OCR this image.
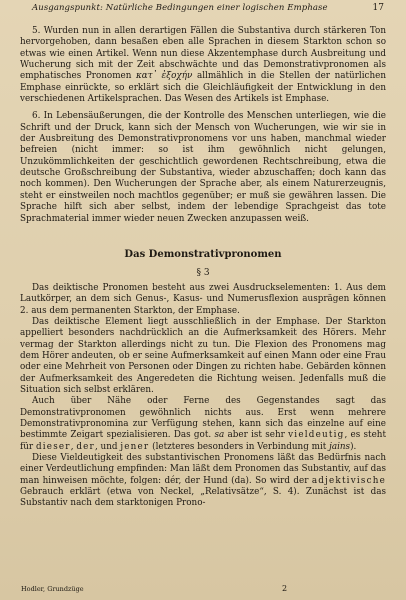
Ausgangspunkt: Natürliche Bedingungen einer logischen Emphase	17

5. Wurden nun in allen derartigen Fällen die Substantiva durch stärkeren Ton hervorgehoben, dann besaßen eben alle Sprachen in diesem Starkton schon so etwas wie einen Artikel. Wenn nun diese Akzentemphase durch Ausbreitung und Wucherung sich mit der Zeit abschwächte und das Demonstrativpronomen als emphatisches Pronomen κατ᾽ ἐξοχήν allmählich in die Stellen der natürlichen Emphase einrückte, so erklärt sich die Gleichläufigkeit der Entwicklung in den verschiedenen Artikelsprachen. Das Wesen des Artikels ist Emphase.

6. In Lebensäußerungen, die der Kontrolle des Menschen unterliegen, wie die Schrift und der Druck, kann sich der Mensch von Wucherungen, wie wir sie in der Ausbreitung des Demonstrativpronomens vor uns haben, manchmal wieder befreien (nicht immer: so ist ihm gewöhnlich nicht gelungen, Unzukömmlichkeiten der geschichtlich gewordenen Rechtschreibung, etwa die deutsche Großschreibung der Substantiva, wieder abzuschaffen; doch kann das noch kommen). Den Wucherungen der Sprache aber, als einem Naturerzeugnis, steht er einstweilen noch machtlos gegenüber; er muß sie gewähren lassen. Die Sprache hilft sich aber selbst, indem der lebendige Sprachgeist das tote Sprachmaterial immer wieder neuen Zwecken anzupassen weiß.

Das Demonstrativpronomen
§ 3

Das deiktische Pronomen besteht aus zwei Ausdruckselementen: 1. Aus dem Lautkörper, an dem sich Genus-, Kasus- und Numerusflexion ausprägen können 2. aus dem permanenten Starkton, der Emphase.

Das deiktische Element liegt ausschließlich in der Emphase. Der Starkton appelliert besonders nachdrücklich an die Aufmerksamkeit des Hörers. Mehr vermag der Starkton allerdings nicht zu tun. Die Flexion des Pronomens mag dem Hörer andeuten, ob er seine Aufmerksamkeit auf einen Mann oder eine Frau oder eine Mehrheit von Personen oder Dingen zu richten habe. Gebärden können der Aufmerksamkeit des Angeredeten die Richtung weisen. Jedenfalls muß die Situation sich selbst erklären.

Auch über Nähe oder Ferne des Gegenstandes sagt das Demonstrativpronomen gewöhnlich nichts aus. Erst wenn mehrere Demonstrativpronomina zur Verfügung stehen, kann sich das einzelne auf eine bestimmte Zeigart spezialisieren. Das got. sa aber ist sehr vieldeutig, es steht für dieser, der, und jener (letzteres besonders in Verbindung mit jains).

Diese Vieldeutigkeit des substantivischen Pronomens läßt das Bedürfnis nach einer Verdeutlichung empfinden: Man läßt dem Pronomen das Substantiv, auf das man hinweisen möchte, folgen: dér, der Hund (da). So wird der adjektivische Gebrauch erklärt (etwa von Neckel, „Relativsätze“, S. 4). Zunächst ist das Substantiv nach dem starktonigen Prono-

Hodler, Grundzüge	2
